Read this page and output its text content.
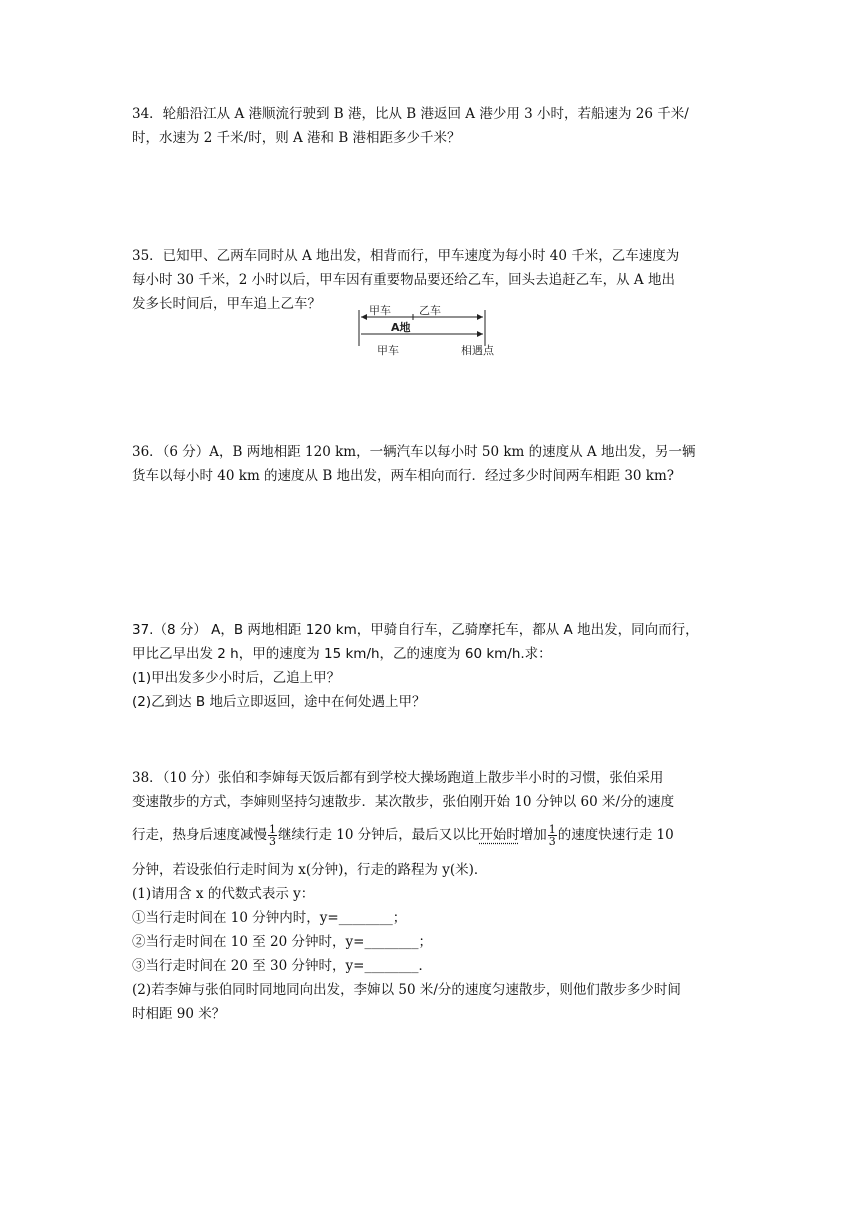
34．轮船沿江从 A 港顺流行驶到 B 港，比从 B 港返回 A 港少用 3 小时，若船速为 26 千米/

时，水速为 2 千米/时，则 A 港和 B 港相距多少千米？

35．已知甲、乙两车同时从 A 地出发，相背而行，甲车速度为每小时 40 千米，乙车速度为

每小时 30 千米，2 小时以后，甲车因有重要物品要还给乙车，回头去追赶乙车，从 A 地出

发多长时间后，甲车追上乙车？	甲车	乙车
A地
甲车	相遇点

36．（6 分）A，B 两地相距 120 km，一辆汽车以每小时 50 km 的速度从 A 地出发，另一辆

货车以每小时 40 km 的速度从 B 地出发，两车相向而行．经过多少时间两车相距 30 km?

37.（8 分） A，B 两地相距 120 km，甲骑自行车，乙骑摩托车，都从 A 地出发，同向而行，

甲比乙早出发 2 h，甲的速度为 15 km/h，乙的速度为 60 km/h.求：

(1)甲出发多少小时后，乙追上甲？

(2)乙到达 B 地后立即返回，途中在何处遇上甲？

38．（10 分）张伯和李婶每天饭后都有到学校大操场跑道上散步半小时的习惯，张伯采用

变速散步的方式，李婶则坚持匀速散步．某次散步，张伯刚开始 10 分钟以 60 米/分的速度

行走，热身后速度减慢 $\frac{1}{3}$ 继续行走 10 分钟后，最后又以比开始时增加 $\frac{1}{3}$ 的速度快速行走 10

分钟，若设张伯行走时间为 x(分钟)，行走的路程为 y(米)．

(1)请用含 x 的代数式表示 y：

①当行走时间在 10 分钟内时，y=________；

②当行走时间在 10 至 20 分钟时，y=________；

③当行走时间在 20 至 30 分钟时，y=________．

(2)若李婶与张伯同时同地同向出发，李婶以 50 米/分的速度匀速散步，则他们散步多少时间

时相距 90 米？
